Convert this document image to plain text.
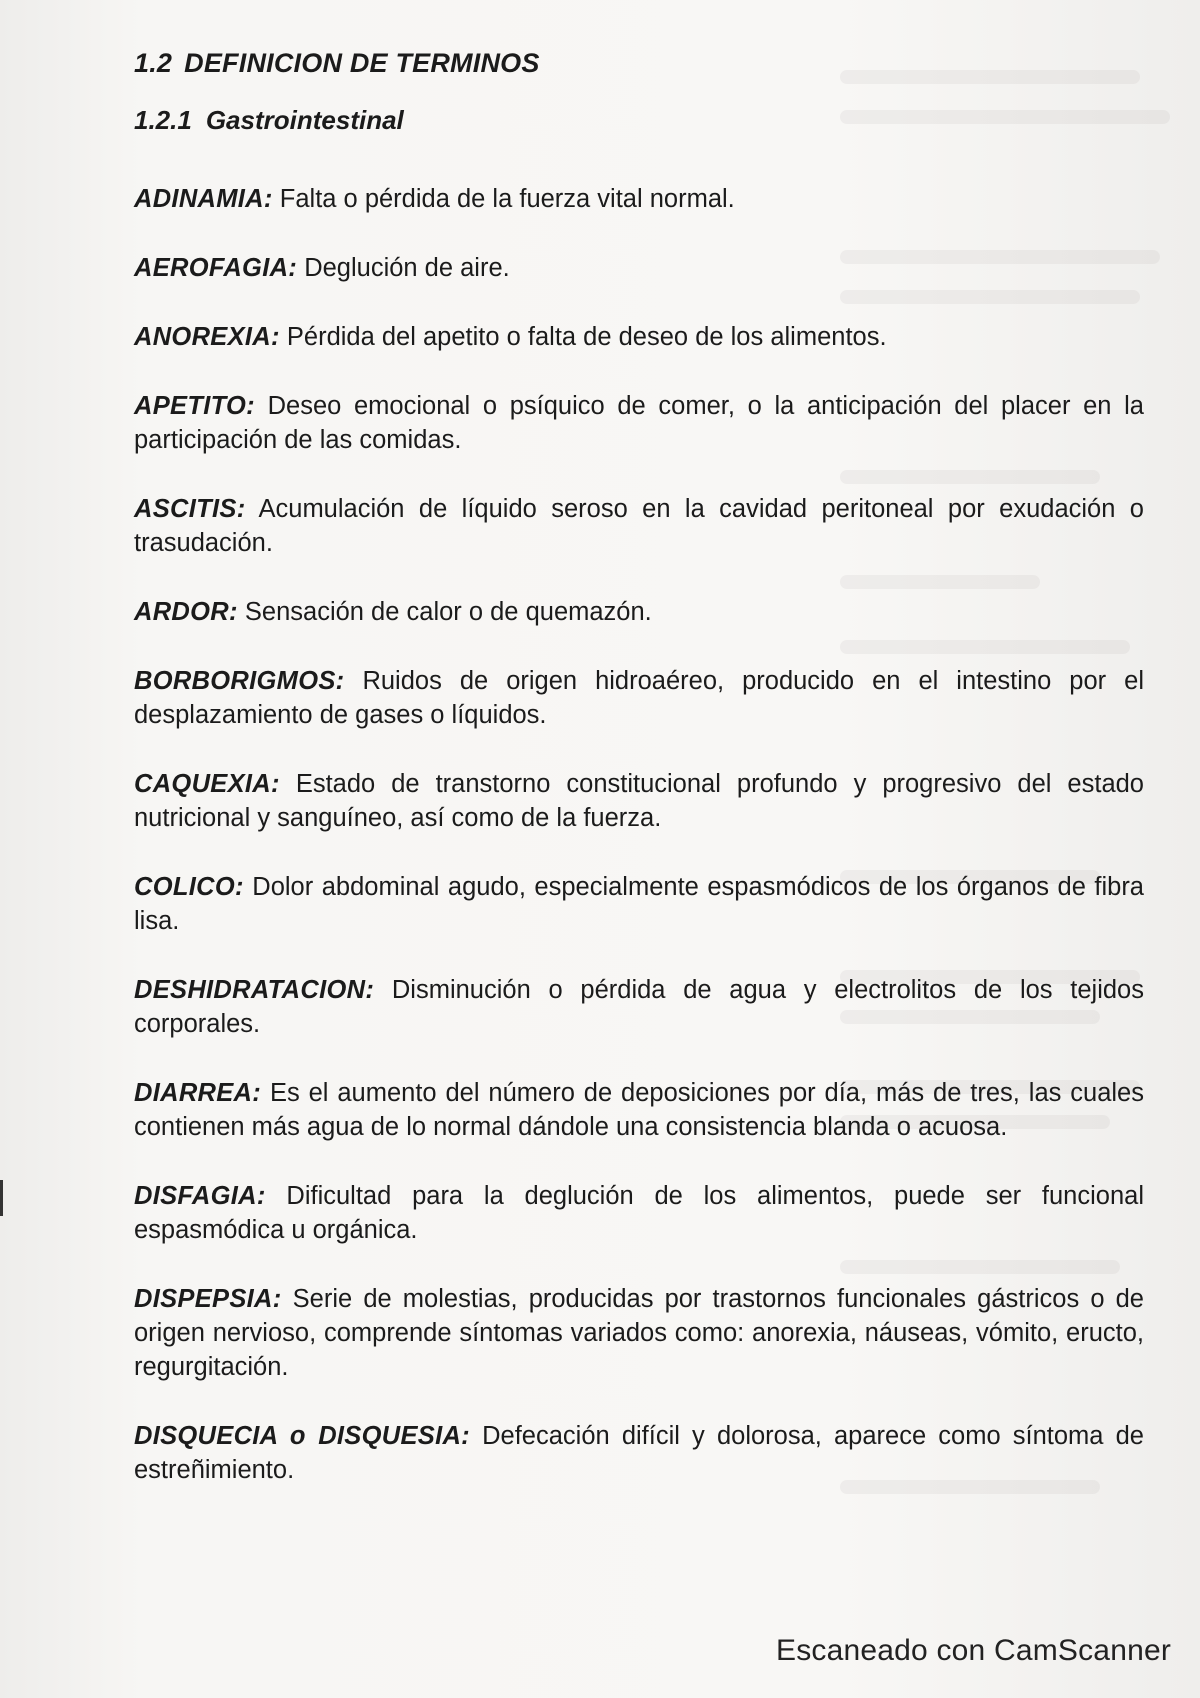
1.2 DEFINICION DE TERMINOS
1.2.1 Gastrointestinal
ADINAMIA: Falta o pérdida de la fuerza vital normal.
AEROFAGIA: Deglución de aire.
ANOREXIA: Pérdida del apetito o falta de deseo de los alimentos.
APETITO: Deseo emocional o psíquico de comer, o la anticipación del placer en la participación de las comidas.
ASCITIS: Acumulación de líquido seroso en la cavidad peritoneal por exudación o trasudación.
ARDOR: Sensación de calor o de quemazón.
BORBORIGMOS: Ruidos de origen hidroaéreo, producido en el intestino por el desplazamiento de gases o líquidos.
CAQUEXIA: Estado de transtorno constitucional profundo y progresivo del estado nutricional y sanguíneo, así como de la fuerza.
COLICO: Dolor abdominal agudo, especialmente espasmódicos de los órganos de fibra lisa.
DESHIDRATACION: Disminución o pérdida de agua y electrolitos de los tejidos corporales.
DIARREA: Es el aumento del número de deposiciones por día, más de tres, las cuales contienen más agua de lo normal dándole una consistencia blanda o acuosa.
DISFAGIA: Dificultad para la deglución de los alimentos, puede ser funcional espasmódica u orgánica.
DISPEPSIA: Serie de molestias, producidas por trastornos funcionales gástricos o de origen nervioso, comprende síntomas variados como: anorexia, náuseas, vómito, eructo, regurgitación.
DISQUECIA o DISQUESIA: Defecación difícil y dolorosa, aparece como síntoma de estreñimiento.
Escaneado con CamScanner
